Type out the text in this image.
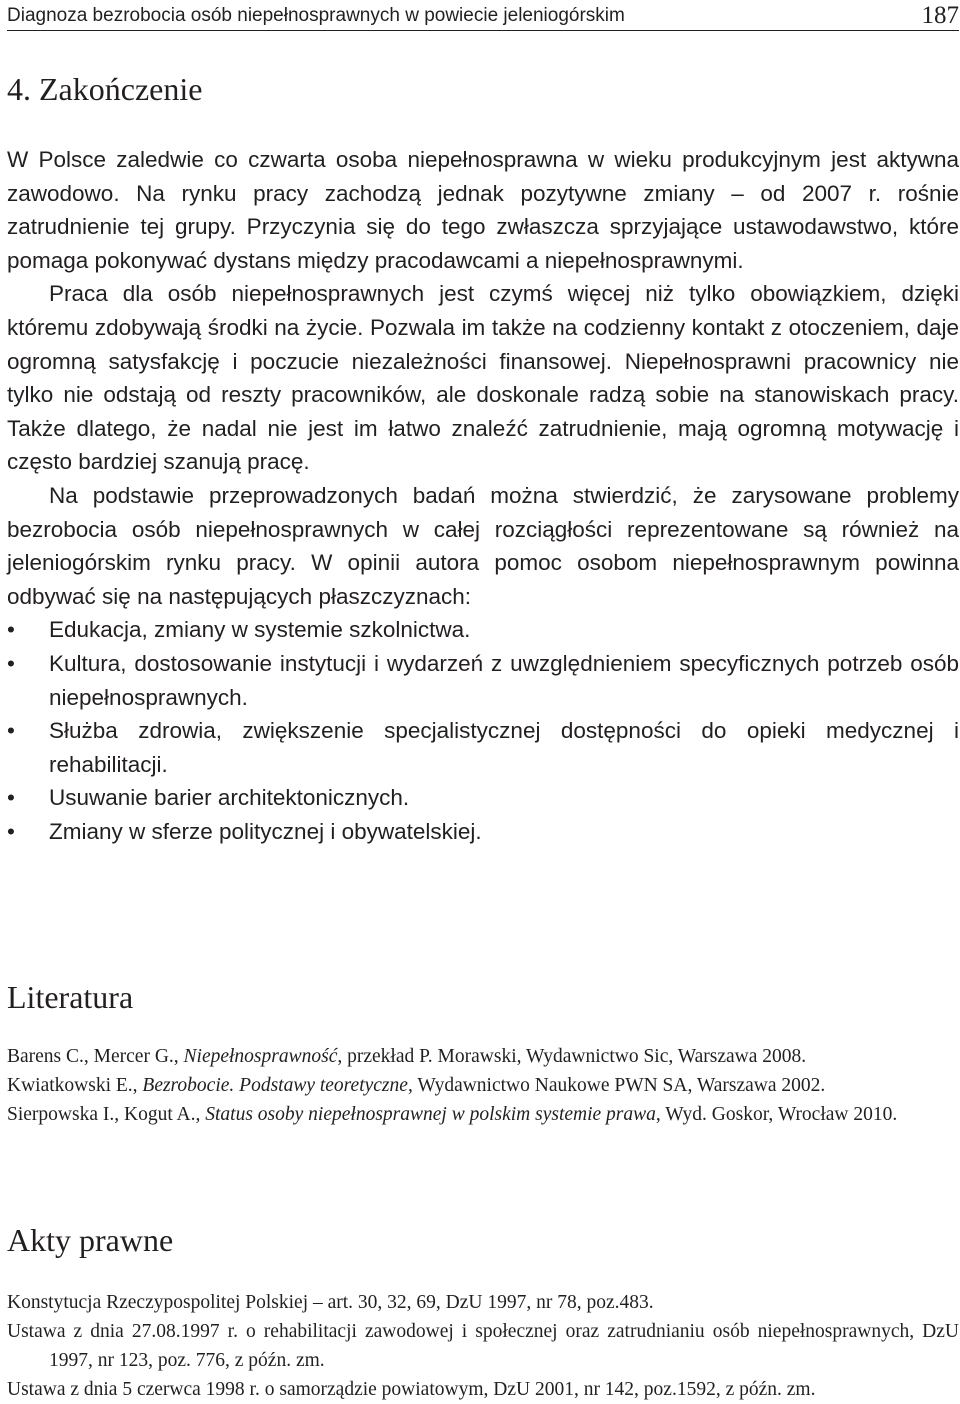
Diagnoza bezrobocia osób niepełnosprawnych w powiecie jeleniogórskim	187
4. Zakończenie

W Polsce zaledwie co czwarta osoba niepełnosprawna w wieku produkcyjnym jest aktywna zawodowo. Na rynku pracy zachodzą jednak pozytywne zmiany – od 2007 r. rośnie zatrudnienie tej grupy. Przyczynia się do tego zwłaszcza sprzyjające ustawodawstwo, które pomaga pokonywać dystans między pracodawcami a niepełnosprawnymi.

Praca dla osób niepełnosprawnych jest czymś więcej niż tylko obowiązkiem, dzięki któremu zdobywają środki na życie. Pozwala im także na codzienny kontakt z otoczeniem, daje ogromną satysfakcję i poczucie niezależności finansowej. Niepełnosprawni pracownicy nie tylko nie odstają od reszty pracowników, ale doskonale radzą sobie na stanowiskach pracy. Także dlatego, że nadal nie jest im łatwo znaleźć zatrudnienie, mają ogromną motywację i często bardziej szanują pracę.

Na podstawie przeprowadzonych badań można stwierdzić, że zarysowane problemy bezrobocia osób niepełnosprawnych w całej rozciągłości reprezentowane są również na jeleniogórskim rynku pracy. W opinii autora pomoc osobom niepełnosprawnym powinna odbywać się na następujących płaszczyznach:

• Edukacja, zmiany w systemie szkolnictwa.
• Kultura, dostosowanie instytucji i wydarzeń z uwzględnieniem specyficznych potrzeb osób niepełnosprawnych.
• Służba zdrowia, zwiększenie specjalistycznej dostępności do opieki medycznej i rehabilitacji.
• Usuwanie barier architektonicznych.
• Zmiany w sferze politycznej i obywatelskiej.
Literatura

Barens C., Mercer G., Niepełnosprawność, przekład P. Morawski, Wydawnictwo Sic, Warszawa 2008.

Kwiatkowski E., Bezrobocie. Podstawy teoretyczne, Wydawnictwo Naukowe PWN SA, Warszawa 2002.

Sierpowska I., Kogut A., Status osoby niepełnosprawnej w polskim systemie prawa, Wyd. Goskor, Wrocław 2010.

Akty prawne

Konstytucja Rzeczypospolitej Polskiej – art. 30, 32, 69, DzU 1997, nr 78, poz.483.

Ustawa z dnia 27.08.1997 r. o rehabilitacji zawodowej i społecznej oraz zatrudnianiu osób niepełnosprawnych, DzU 1997, nr 123, poz. 776, z późn. zm.

Ustawa z dnia 5 czerwca 1998 r. o samorządzie powiatowym, DzU 2001, nr 142, poz.1592, z późn. zm.
